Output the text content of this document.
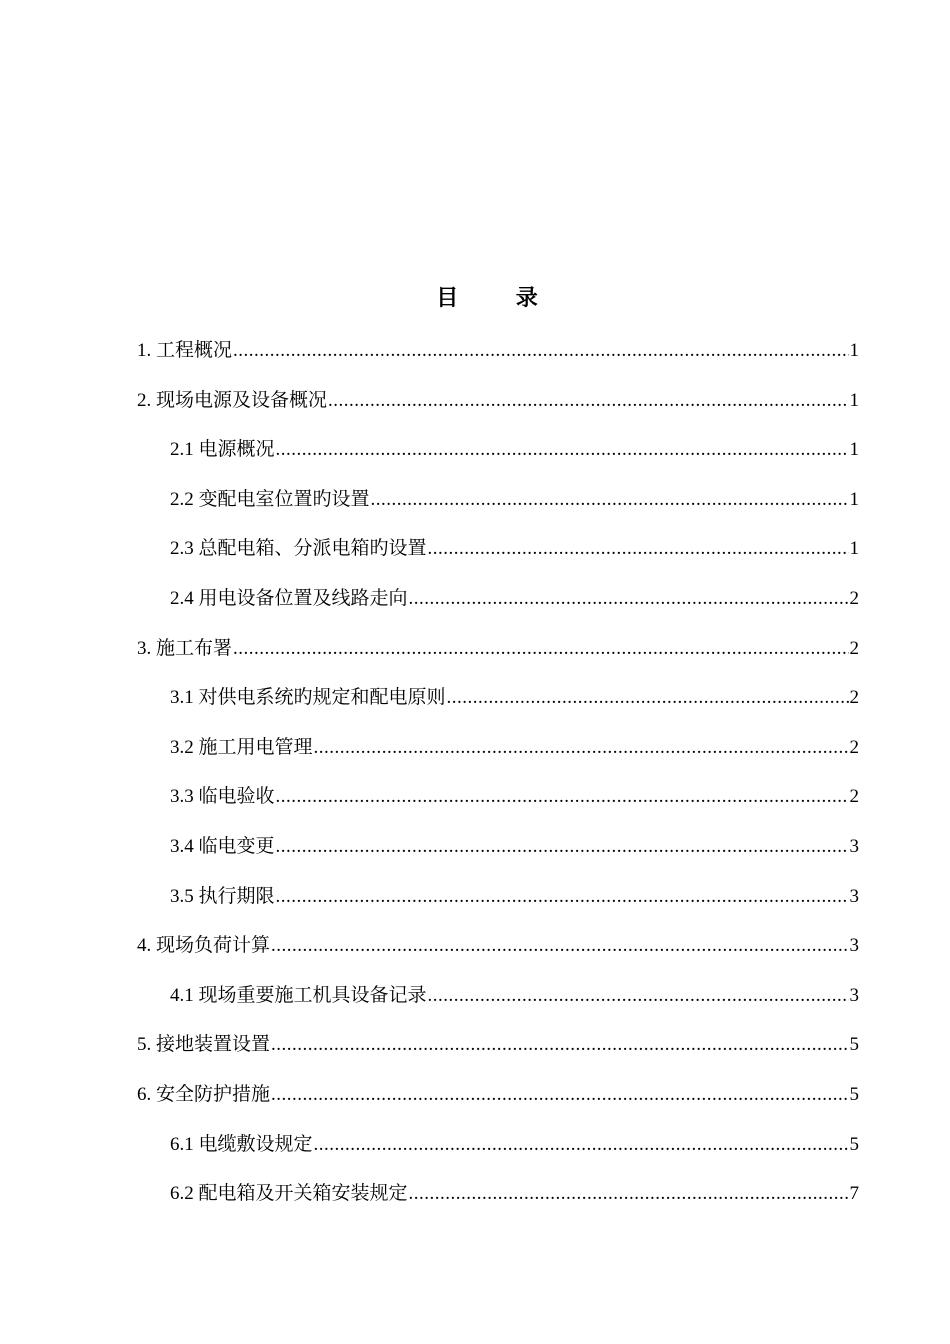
目 录
1. 工程概况 .....	1
2. 现场电源及设备概况 .....	1
2.1 电源概况 .....	1
2.2 变配电室位置旳设置 .....	1
2.3 总配电箱、分派电箱旳设置 .....	1
2.4 用电设备位置及线路走向 .....	2
3. 施工布署 .....	2
3.1 对供电系统旳规定和配电原则 .....	2
3.2 施工用电管理 .....	2
3.3 临电验收 .....	2
3.4 临电变更 .....	3
3.5 执行期限 .....	3
4. 现场负荷计算 .....	3
4.1 现场重要施工机具设备记录 .....	3
5. 接地装置设置 .....	5
6. 安全防护措施 .....	5
6.1 电缆敷设规定 .....	5
6.2 配电箱及开关箱安装规定 .....	7
